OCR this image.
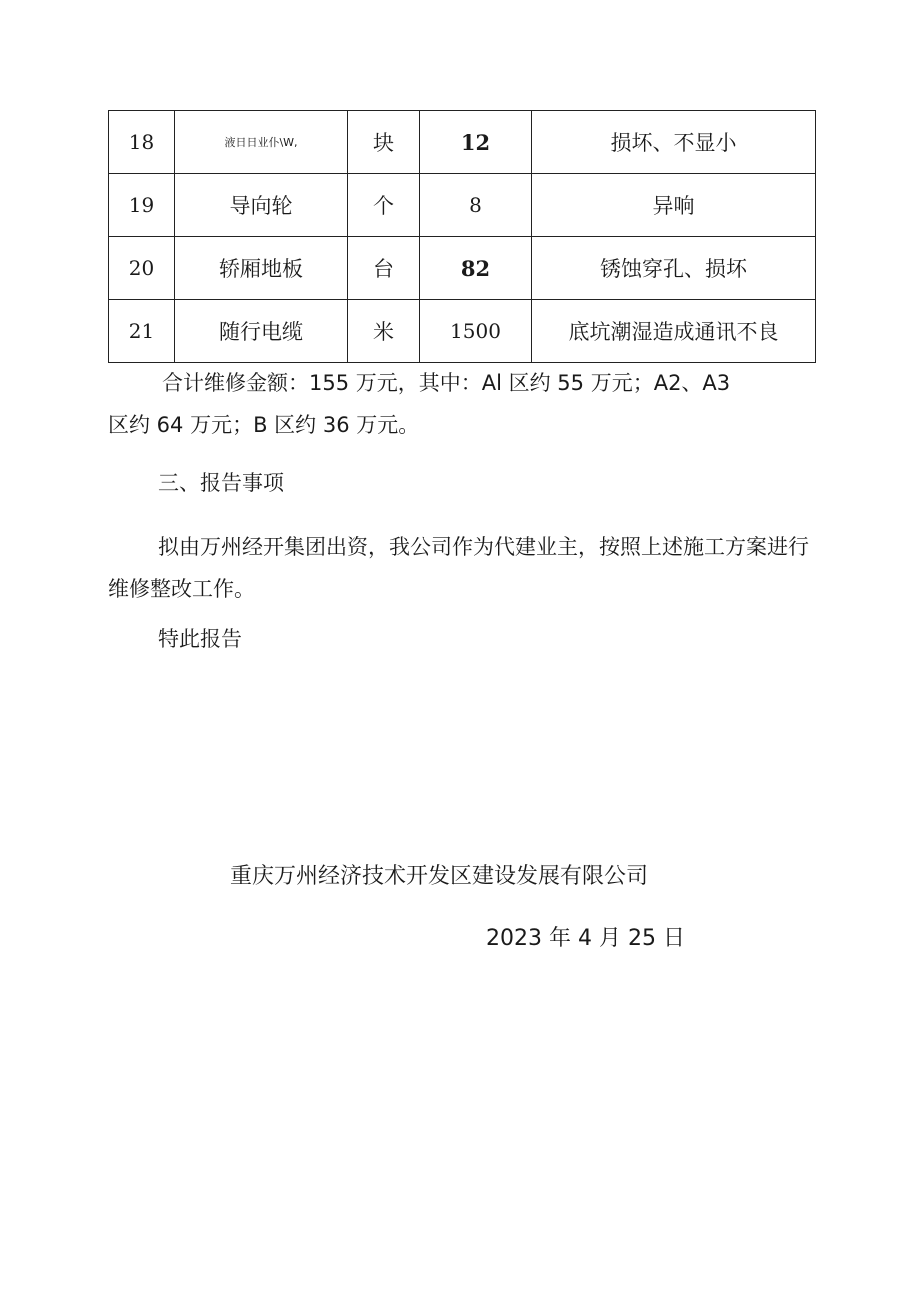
18	液日日业仆\W,	块	12	损坏、不显小
19	导向轮	个	8	异响
20	轿厢地板	台	82	锈蚀穿孔、损坏
21	随行电缆	米	1500	底坑潮湿造成通讯不良
合计维修金额：155 万元，其中：Al 区约 55 万元；A2、A3
区约 64 万元；B 区约 36 万元。

三、报告事项

拟由万州经开集团出资，我公司作为代建业主，按照上述施工方案进行维修整改工作。

特此报告

重庆万州经济技术开发区建设发展有限公司
2023 年 4 月 25 日
